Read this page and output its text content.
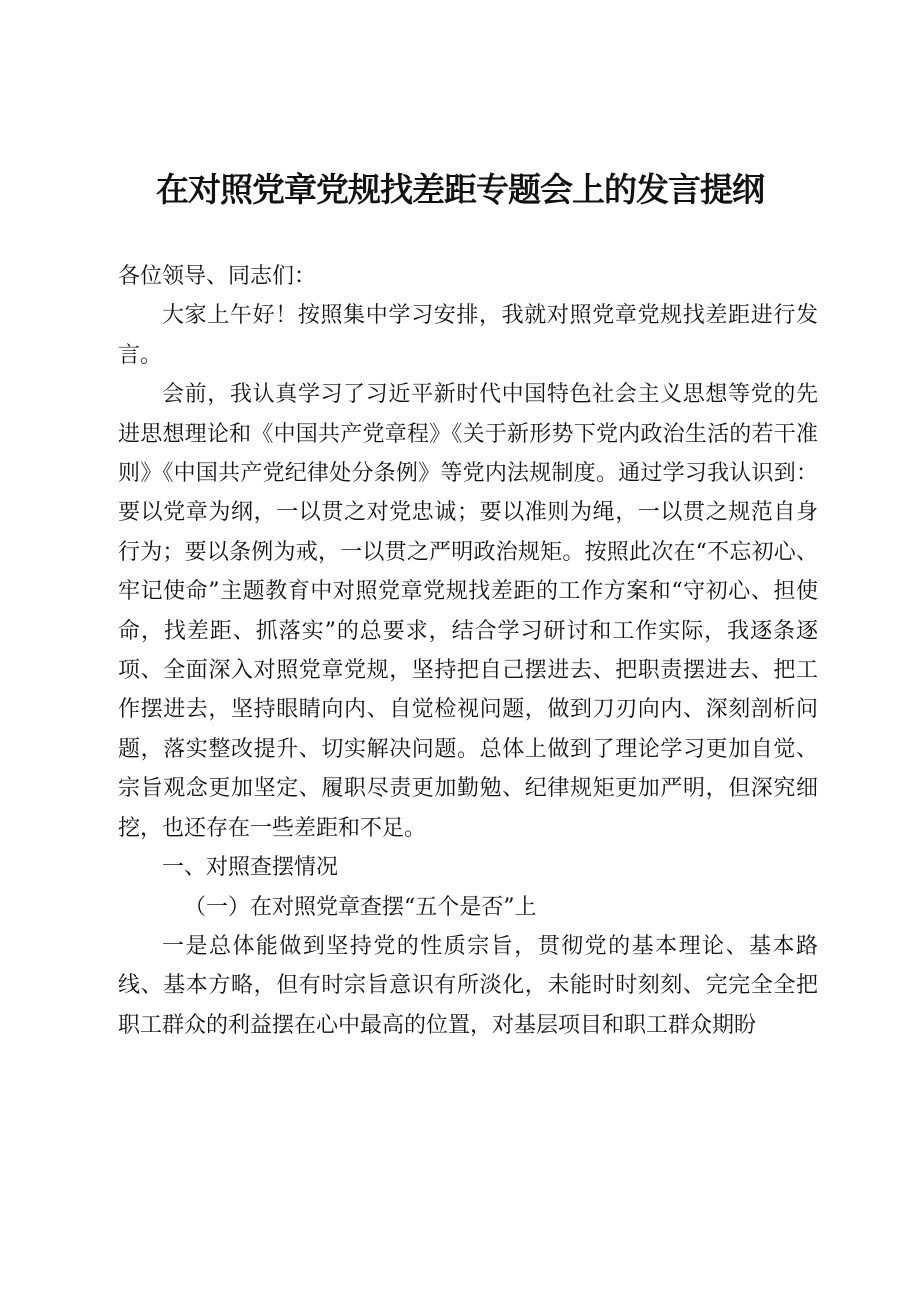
在对照党章党规找差距专题会上的发言提纲

各位领导、同志们：

大家上午好！按照集中学习安排，我就对照党章党规找差距进行发言。

会前，我认真学习了习近平新时代中国特色社会主义思想等党的先进思想理论和《中国共产党章程》《关于新形势下党内政治生活的若干准则》《中国共产党纪律处分条例》等党内法规制度。通过学习我认识到：要以党章为纲，一以贯之对党忠诚；要以准则为绳，一以贯之规范自身行为；要以条例为戒，一以贯之严明政治规矩。按照此次在“不忘初心、牢记使命”主题教育中对照党章党规找差距的工作方案和“守初心、担使命，找差距、抓落实”的总要求，结合学习研讨和工作实际，我逐条逐项、全面深入对照党章党规，坚持把自己摆进去、把职责摆进去、把工作摆进去，坚持眼睛向内、自觉检视问题，做到刀刃向内、深刻剖析问题，落实整改提升、切实解决问题。总体上做到了理论学习更加自觉、宗旨观念更加坚定、履职尽责更加勤勉、纪律规矩更加严明，但深究细挖，也还存在一些差距和不足。

一、对照查摆情况

（一）在对照党章查摆“五个是否”上

一是总体能做到坚持党的性质宗旨，贯彻党的基本理论、基本路线、基本方略，但有时宗旨意识有所淡化，未能时时刻刻、完完全全把职工群众的利益摆在心中最高的位置，对基层项目和职工群众期盼
